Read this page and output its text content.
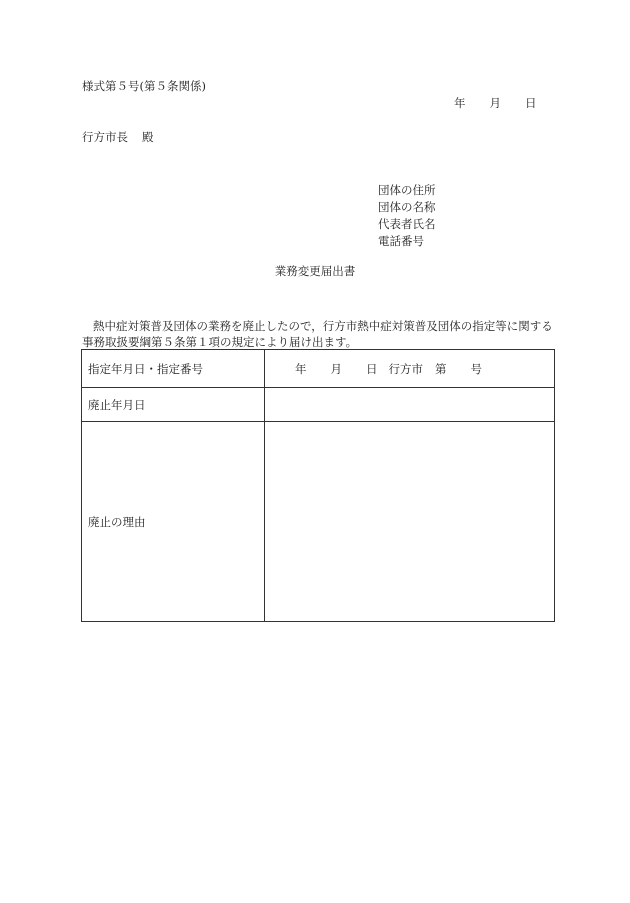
様式第５号(第５条関係)
年 月 日
行方市長 殿
団体の住所
団体の名称
代表者氏名
電話番号
業務変更届出書
熱中症対策普及団体の業務を廃止したので，行方市熱中症対策普及団体の指定等に関する事務取扱要綱第５条第１項の規定により届け出ます。
指定年月日・指定番号	年 月 日 行方市 第 号

廃止年月日	
廃止の理由	
